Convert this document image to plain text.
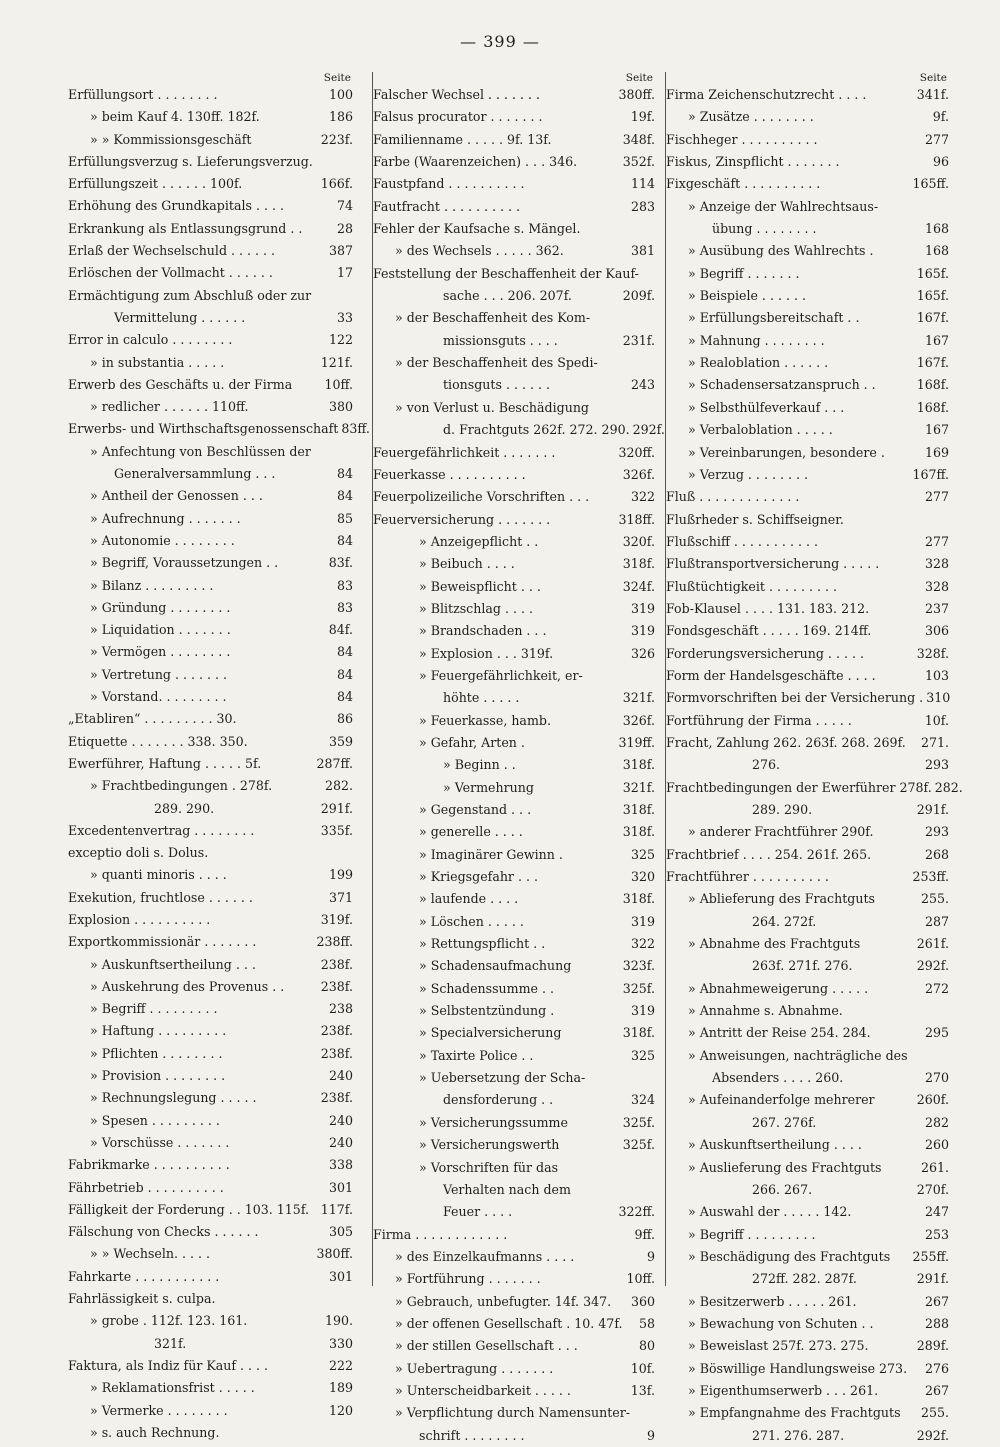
— 399 —
Seite
Erfüllungsort . . . . . . . .	100
» beim Kauf 4. 130ff. 182f.	186
» » Kommissionsgeschäft	223f.
Erfüllungsverzug s. Lieferungsverzug.
Erfüllungszeit . . . . . . 100f.	166f.
Erhöhung des Grundkapitals . . . .	74
Erkrankung als Entlassungsgrund . .	28
Erlaß der Wechselschuld . . . . . .	387
Erlöschen der Vollmacht . . . . . .	17
Ermächtigung zum Abschluß oder zur
Vermittelung . . . . . .	33
Error in calculo . . . . . . . .	122
» in substantia . . . . .	121f.
Erwerb des Geschäfts u. der Firma	10ff.
» redlicher . . . . . . 110ff.	380
Erwerbs- und Wirthschaftsgenossenschaft 83ff.
» Anfechtung von Beschlüssen der
Generalversammlung . . .	84
» Antheil der Genossen . . .	84
» Aufrechnung . . . . . . .	85
» Autonomie . . . . . . . .	84
» Begriff, Voraussetzungen . .	83f.
» Bilanz . . . . . . . . .	83
» Gründung . . . . . . . .	83
» Liquidation . . . . . . .	84f.
» Vermögen . . . . . . . .	84
» Vertretung . . . . . . .	84
» Vorstand. . . . . . . . .	84
„Etabliren“ . . . . . . . . . 30.	86
Etiquette . . . . . . . 338. 350.	359
Ewerführer, Haftung . . . . . 5f.	287ff.
» Frachtbedingungen . 278f.	282.
289. 290.	291f.
Excedentenvertrag . . . . . . . .	335f.
exceptio doli s. Dolus.
» quanti minoris . . . .	199
Exekution, fruchtlose . . . . . .	371
Explosion . . . . . . . . . .	319f.
Exportkommissionär . . . . . . .	238ff.
» Auskunftsertheilung . . .	238f.
» Auskehrung des Provenus . .	238f.
» Begriff . . . . . . . . .	238
» Haftung . . . . . . . . .	238f.
» Pflichten . . . . . . . .	238f.
» Provision . . . . . . . .	240
» Rechnungslegung . . . . .	238f.
» Spesen . . . . . . . . .	240
» Vorschüsse . . . . . . .	240
Fabrikmarke . . . . . . . . . .	338
Fährbetrieb . . . . . . . . . .	301
Fälligkeit der Forderung . . 103. 115f. 117f.
Fälschung von Checks . . . . . .	305
» » Wechseln. . . . .	380ff.
Fahrkarte . . . . . . . . . . .	301
Fahrlässigkeit s. culpa.
» grobe . 112f. 123. 161.	190.
321f.	330
Faktura, als Indiz für Kauf . . . .	222
» Reklamationsfrist . . . . .	189
» Vermerke . . . . . . . .	120
» s. auch Rechnung.
Seite
Falscher Wechsel . . . . . . .	380ff.
Falsus procurator . . . . . . .	19f.
Familienname . . . . . 9f. 13f.	348f.
Farbe (Waarenzeichen) . . . 346.	352f.
Faustpfand . . . . . . . . . .	114
Fautfracht . . . . . . . . . .	283
Fehler der Kaufsache s. Mängel.
» des Wechsels . . . . . 362.	381
Feststellung der Beschaffenheit der Kauf-
sache . . . 206. 207f.	209f.
» der Beschaffenheit des Kom-
missionsguts . . . .	231f.
» der Beschaffenheit des Spedi-
tionsguts . . . . . .	243
» von Verlust u. Beschädigung
d. Frachtguts 262f. 272. 290. 292f.
Feuergefährlichkeit . . . . . . .	320ff.
Feuerkasse . . . . . . . . . .	326f.
Feuerpolizeiliche Vorschriften . . .	322
Feuerversicherung . . . . . . .	318ff.
» Anzeigepflicht . .	320f.
» Beibuch . . . .	318f.
» Beweispflicht . . .	324f.
» Blitzschlag . . . .	319
» Brandschaden . . .	319
» Explosion . . . 319f.	326
» Feuergefährlichkeit, er-
höhte . . . . .	321f.
» Feuerkasse, hamb.	326f.
» Gefahr, Arten .	319ff.
» Beginn . .	318f.
» Vermehrung	321f.
» Gegenstand . . .	318f.
» generelle . . . .	318f.
» Imaginärer Gewinn .	325
» Kriegsgefahr . . .	320
» laufende . . . .	318f.
» Löschen . . . . .	319
» Rettungspflicht . .	322
» Schadensaufmachung	323f.
» Schadenssumme . .	325f.
» Selbstentzündung .	319
» Specialversicherung	318f.
» Taxirte Police . .	325
» Uebersetzung der Scha-
densforderung . .	324
» Versicherungssumme	325f.
» Versicherungswerth	325f.
» Vorschriften für das
Verhalten nach dem
Feuer . . . .	322ff.
Firma . . . . . . . . . . . .	9ff.
» des Einzelkaufmanns . . . .	9
» Fortführung . . . . . . .	10ff.
» Gebrauch, unbefugter. 14f. 347.	360
» der offenen Gesellschaft . 10. 47f.	58
» der stillen Gesellschaft . . .	80
» Uebertragung . . . . . . .	10f.
» Unterscheidbarkeit . . . . .	13f.
» Verpflichtung durch Namensunter-
schrift . . . . . . . .	9
Seite
Firma Zeichenschutzrecht . . . .	341f.
» Zusätze . . . . . . . .	9f.
Fischheger . . . . . . . . . .	277
Fiskus, Zinspflicht . . . . . . .	96
Fixgeschäft . . . . . . . . . .	165ff.
» Anzeige der Wahlrechtsaus-
übung . . . . . . . .	168
» Ausübung des Wahlrechts .	168
» Begriff . . . . . . .	165f.
» Beispiele . . . . . .	165f.
» Erfüllungsbereitschaft . .	167f.
» Mahnung . . . . . . . .	167
» Realoblation . . . . . .	167f.
» Schadensersatzanspruch . .	168f.
» Selbsthülfeverkauf . . .	168f.
» Verbaloblation . . . . .	167
» Vereinbarungen, besondere .	169
» Verzug . . . . . . . .	167ff.
Fluß . . . . . . . . . . . . .	277
Flußrheder s. Schiffseigner.
Flußschiff . . . . . . . . . . .	277
Flußtransportversicherung . . . . .	328
Flußtüchtigkeit . . . . . . . . .	328
Fob-Klausel . . . . 131. 183. 212.	237
Fondsgeschäft . . . . . 169. 214ff.	306
Forderungsversicherung . . . . .	328f.
Form der Handelsgeschäfte . . . .	103
Formvorschriften bei der Versicherung . 310
Fortführung der Firma . . . . .	10f.
Fracht, Zahlung 262. 263f. 268. 269f.	271.
276.	293
Frachtbedingungen der Ewerführer 278f. 282.
289. 290.	291f.
» anderer Frachtführer 290f.	293
Frachtbrief . . . . 254. 261f. 265.	268
Frachtführer . . . . . . . . . .	253ff.
» Ablieferung des Frachtguts	255.
264. 272f.	287
» Abnahme des Frachtguts	261f.
263f. 271f. 276.	292f.
» Abnahmeweigerung . . . . .	272
» Annahme s. Abnahme.
» Antritt der Reise 254. 284.	295
» Anweisungen, nachträgliche des
Absenders . . . . 260.	270
» Aufeinanderfolge mehrerer	260f.
267. 276f.	282
» Auskunftsertheilung . . . .	260
» Auslieferung des Frachtguts	261.
266. 267.	270f.
» Auswahl der . . . . . 142.	247
» Begriff . . . . . . . . .	253
» Beschädigung des Frachtguts	255ff.
272ff. 282. 287f.	291f.
» Besitzerwerb . . . . . 261.	267
» Bewachung von Schuten . .	288
» Beweislast 257f. 273. 275.	289f.
» Böswillige Handlungsweise 273.	276
» Eigenthumserwerb . . . 261.	267
» Empfangnahme des Frachtguts	255.
271. 276. 287.	292f.
